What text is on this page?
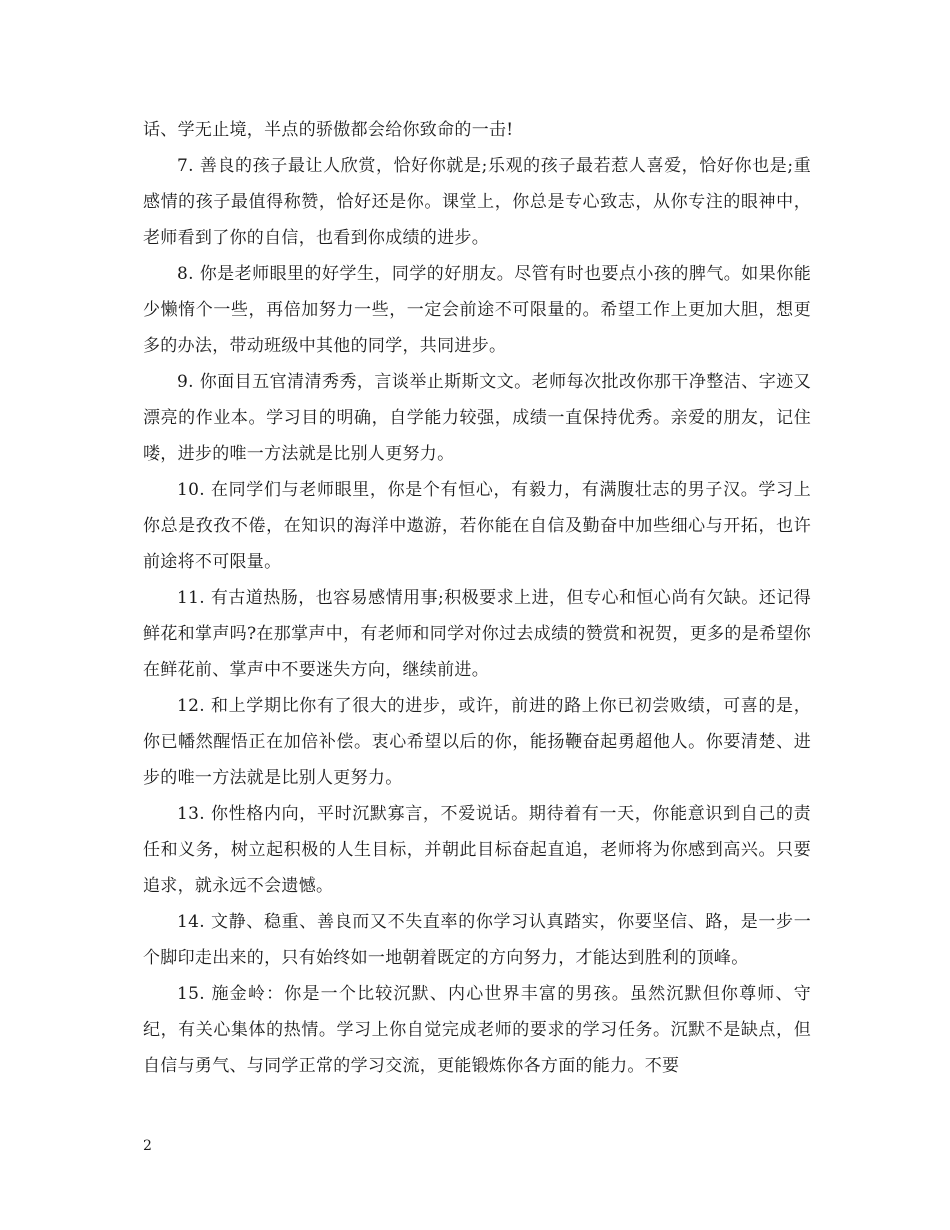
话、学无止境，半点的骄傲都会给你致命的一击!

7. 善良的孩子最让人欣赏，恰好你就是;乐观的孩子最若惹人喜爱，恰好你也是;重感情的孩子最值得称赞，恰好还是你。课堂上，你总是专心致志，从你专注的眼神中，老师看到了你的自信，也看到你成绩的进步。

8. 你是老师眼里的好学生，同学的好朋友。尽管有时也要点小孩的脾气。如果你能少懒惰个一些，再倍加努力一些，一定会前途不可限量的。希望工作上更加大胆，想更多的办法，带动班级中其他的同学，共同进步。

9. 你面目五官清清秀秀，言谈举止斯斯文文。老师每次批改你那干净整洁、字迹又漂亮的作业本。学习目的明确，自学能力较强，成绩一直保持优秀。亲爱的朋友，记住喽，进步的唯一方法就是比别人更努力。

10. 在同学们与老师眼里，你是个有恒心，有毅力，有满腹壮志的男子汉。学习上你总是孜孜不倦，在知识的海洋中遨游，若你能在自信及勤奋中加些细心与开拓，也许前途将不可限量。

11. 有古道热肠，也容易感情用事;积极要求上进，但专心和恒心尚有欠缺。还记得鲜花和掌声吗?在那掌声中，有老师和同学对你过去成绩的赞赏和祝贺，更多的是希望你在鲜花前、掌声中不要迷失方向，继续前进。

12. 和上学期比你有了很大的进步，或许，前进的路上你已初尝败绩，可喜的是，你已幡然醒悟正在加倍补偿。衷心希望以后的你，能扬鞭奋起勇超他人。你要清楚、进步的唯一方法就是比别人更努力。

13. 你性格内向，平时沉默寡言，不爱说话。期待着有一天，你能意识到自己的责任和义务，树立起积极的人生目标，并朝此目标奋起直追，老师将为你感到高兴。只要追求，就永远不会遗憾。

14. 文静、稳重、善良而又不失直率的你学习认真踏实，你要坚信、路，是一步一个脚印走出来的，只有始终如一地朝着既定的方向努力，才能达到胜利的顶峰。

15. 施金岭：你是一个比较沉默、内心世界丰富的男孩。虽然沉默但你尊师、守纪，有关心集体的热情。学习上你自觉完成老师的要求的学习任务。沉默不是缺点，但自信与勇气、与同学正常的学习交流，更能锻炼你各方面的能力。不要

2
